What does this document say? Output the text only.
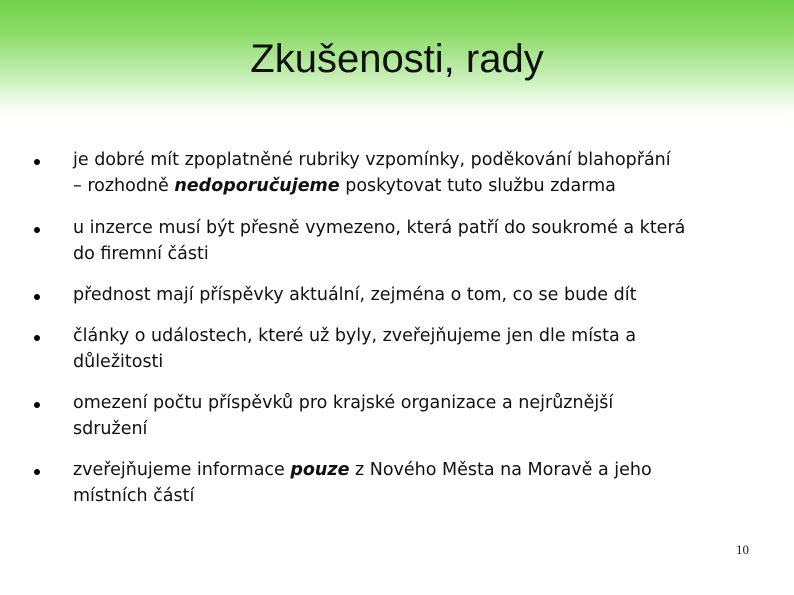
Zkušenosti, rady
je dobré mít zpoplatněné rubriky vzpomínky, poděkování blahopřání
– rozhodně nedoporučujeme poskytovat tuto službu zdarma
u inzerce musí být přesně vymezeno, která patří do soukromé a která
do firemní části
přednost mají příspěvky aktuální, zejména o tom, co se bude dít
články o událostech, které už byly, zveřejňujeme jen dle místa a
důležitosti
omezení počtu příspěvků pro krajské organizace a nejrůznější
sdružení
zveřejňujeme informace pouze z Nového Města na Moravě a jeho
místních částí
10
